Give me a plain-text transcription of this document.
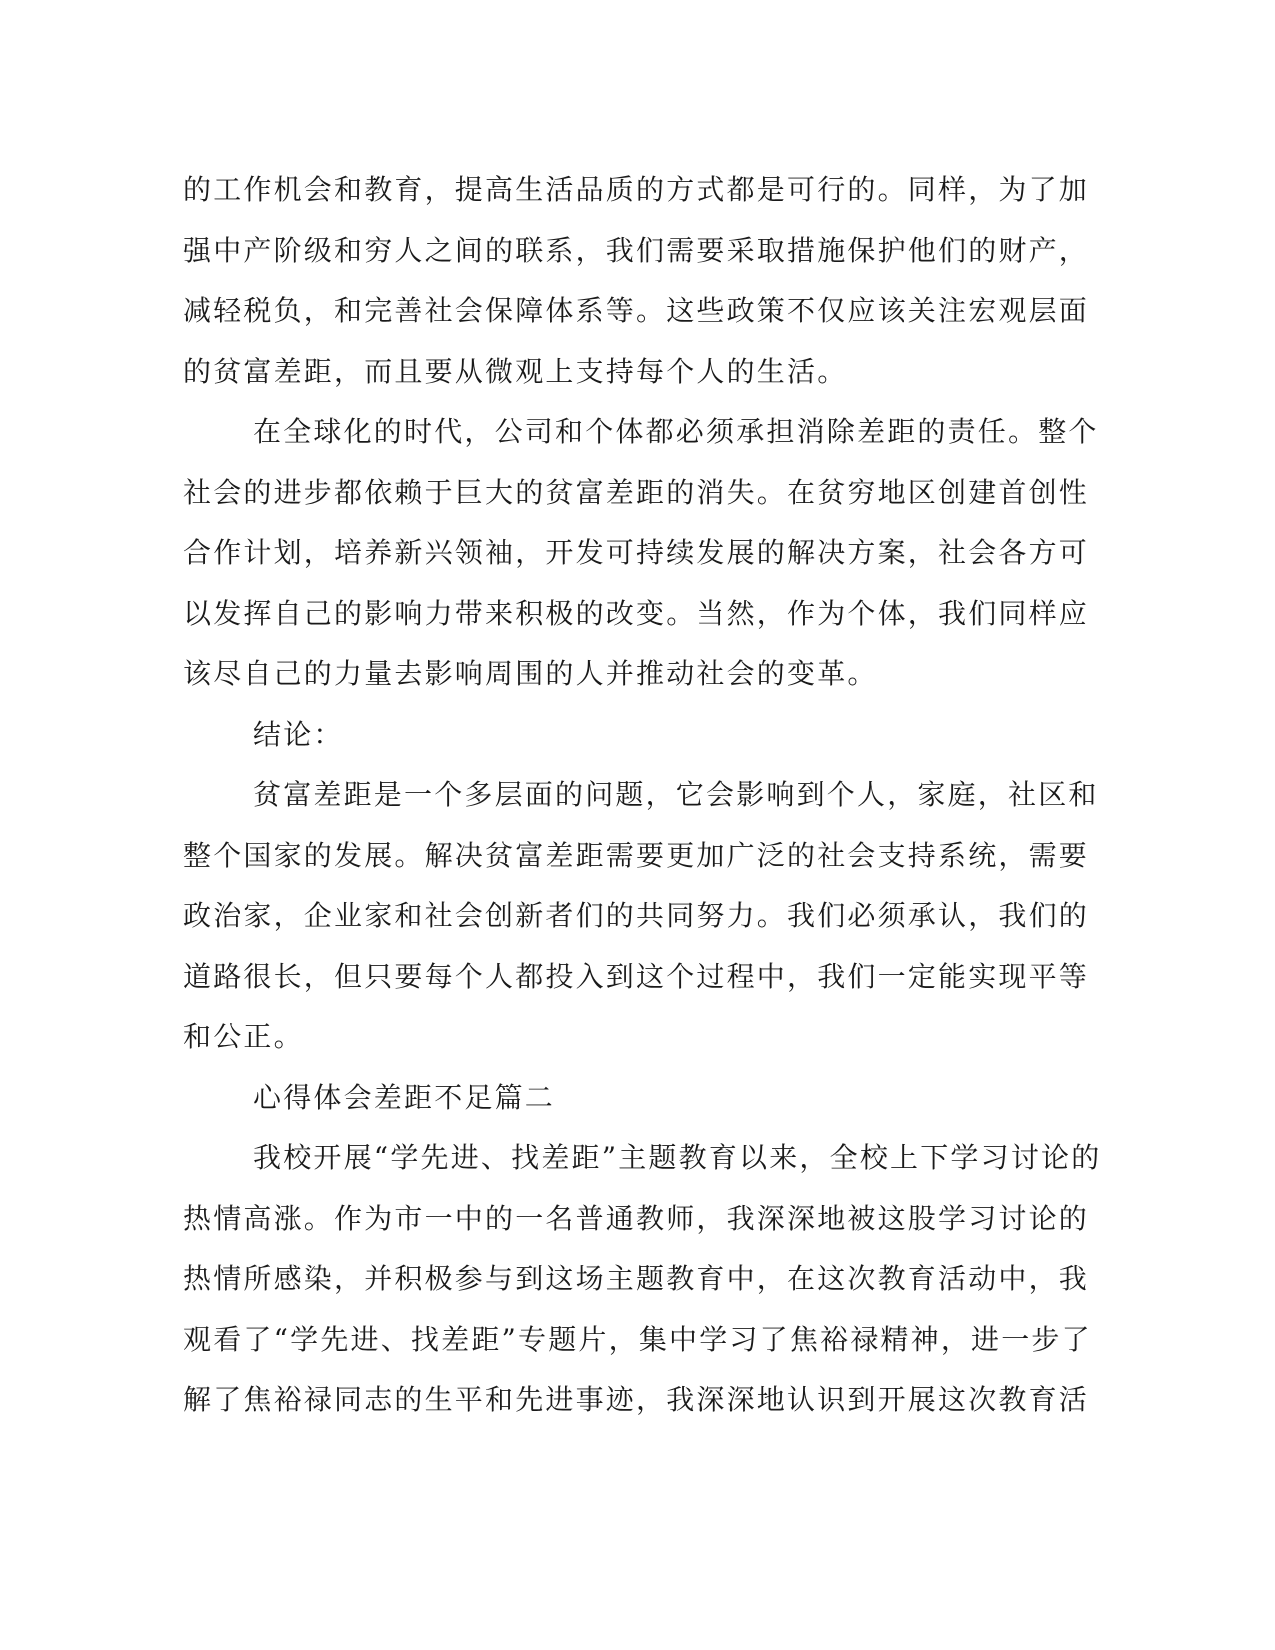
的工作机会和教育，提高生活品质的方式都是可行的。同样，为了加
强中产阶级和穷人之间的联系，我们需要采取措施保护他们的财产，
减轻税负，和完善社会保障体系等。这些政策不仅应该关注宏观层面
的贫富差距，而且要从微观上支持每个人的生活。
在全球化的时代，公司和个体都必须承担消除差距的责任。整个
社会的进步都依赖于巨大的贫富差距的消失。在贫穷地区创建首创性
合作计划，培养新兴领袖，开发可持续发展的解决方案，社会各方可
以发挥自己的影响力带来积极的改变。当然，作为个体，我们同样应
该尽自己的力量去影响周围的人并推动社会的变革。
结论：
贫富差距是一个多层面的问题，它会影响到个人，家庭，社区和
整个国家的发展。解决贫富差距需要更加广泛的社会支持系统，需要
政治家，企业家和社会创新者们的共同努力。我们必须承认，我们的
道路很长，但只要每个人都投入到这个过程中，我们一定能实现平等
和公正。
心得体会差距不足篇二
我校开展“学先进、找差距”主题教育以来，全校上下学习讨论的
热情高涨。作为市一中的一名普通教师，我深深地被这股学习讨论的
热情所感染，并积极参与到这场主题教育中，在这次教育活动中，我
观看了“学先进、找差距”专题片，集中学习了焦裕禄精神，进一步了
解了焦裕禄同志的生平和先进事迹，我深深地认识到开展这次教育活
